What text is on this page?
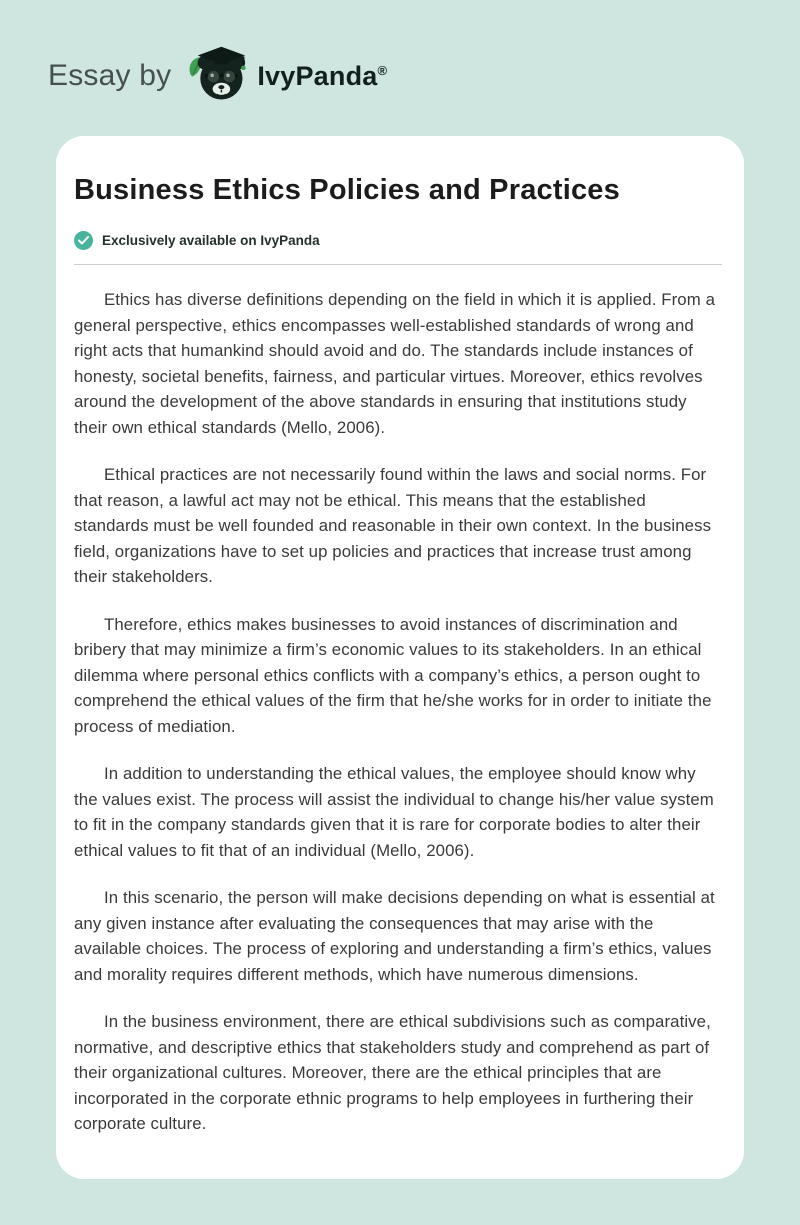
Essay by	IvyPanda®
Business Ethics Policies and Practices
Exclusively available on IvyPanda

Ethics has diverse definitions depending on the field in which it is applied. From a general perspective, ethics encompasses well-established standards of wrong and right acts that humankind should avoid and do. The standards include instances of honesty, societal benefits, fairness, and particular virtues. Moreover, ethics revolves around the development of the above standards in ensuring that institutions study their own ethical standards (Mello, 2006).

Ethical practices are not necessarily found within the laws and social norms. For that reason, a lawful act may not be ethical. This means that the established standards must be well founded and reasonable in their own context. In the business field, organizations have to set up policies and practices that increase trust among their stakeholders.

Therefore, ethics makes businesses to avoid instances of discrimination and bribery that may minimize a firm’s economic values to its stakeholders. In an ethical dilemma where personal ethics conflicts with a company’s ethics, a person ought to comprehend the ethical values of the firm that he/she works for in order to initiate the process of mediation.

In addition to understanding the ethical values, the employee should know why the values exist. The process will assist the individual to change his/her value system to fit in the company standards given that it is rare for corporate bodies to alter their ethical values to fit that of an individual (Mello, 2006).

In this scenario, the person will make decisions depending on what is essential at any given instance after evaluating the consequences that may arise with the available choices. The process of exploring and understanding a firm’s ethics, values and morality requires different methods, which have numerous dimensions.

In the business environment, there are ethical subdivisions such as comparative, normative, and descriptive ethics that stakeholders study and comprehend as part of their organizational cultures. Moreover, there are the ethical principles that are incorporated in the corporate ethnic programs to help employees in furthering their corporate culture.
